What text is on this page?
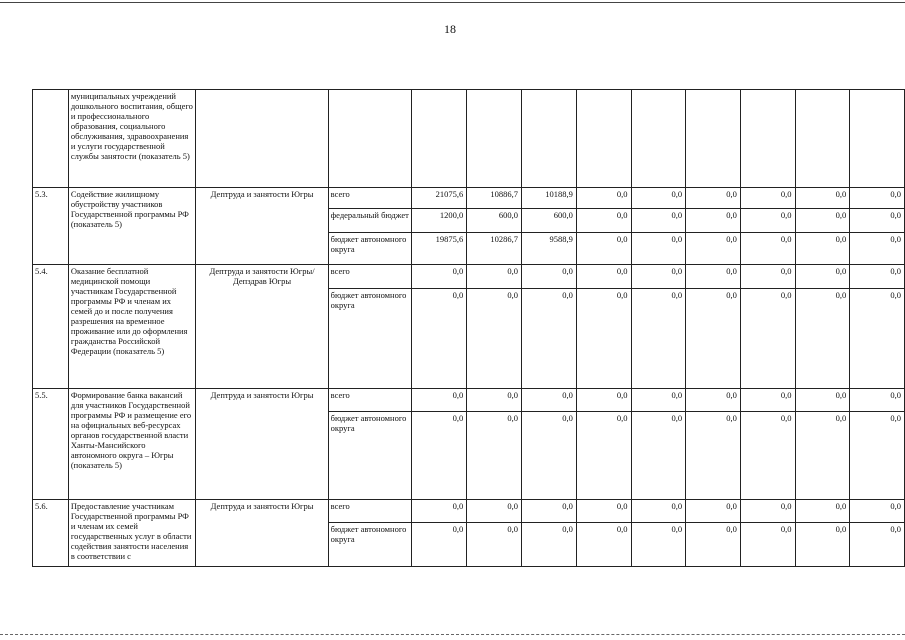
18
	муниципальных учреждений дошкольного воспитания, общего и профессионального образования, социального обслуживания, здравоохранения и услуги государственной службы занятости (показатель 5)											
5.3.	Содействие жилищному обустройству участников Государственной программы РФ (показатель 5)	Дептруда и занятости Югры	всего	21075,6	10886,7	10188,9	0,0	0,0	0,0	0,0	0,0	0,0
			федеральный бюджет	1200,0	600,0	600,0	0,0	0,0	0,0	0,0	0,0	0,0
			бюджет автономного округа	19875,6	10286,7	9588,9	0,0	0,0	0,0	0,0	0,0	0,0
5.4.	Оказание бесплатной медицинской помощи участникам Государственной программы РФ и членам их семей до и после получения разрешения на временное проживание или до оформления гражданства Российской Федерации (показатель 5)	Дептруда и занятости Югры/Депздрав Югры	всего	0,0	0,0	0,0	0,0	0,0	0,0	0,0	0,0	0,0
			бюджет автономного округа	0,0	0,0	0,0	0,0	0,0	0,0	0,0	0,0	0,0
5.5.	Формирование банка вакансий для участников Государственной программы РФ и размещение его на официальных веб-ресурсах органов государственной власти Ханты-Мансийского автономного округа – Югры (показатель 5)	Дептруда и занятости Югры	всего	0,0	0,0	0,0	0,0	0,0	0,0	0,0	0,0	0,0
			бюджет автономного округа	0,0	0,0	0,0	0,0	0,0	0,0	0,0	0,0	0,0
5.6.	Предоставление участникам Государственной программы РФ и членам их семей государственных услуг в области содействия занятости населения в соответствии с	Дептруда и занятости Югры	всего	0,0	0,0	0,0	0,0	0,0	0,0	0,0	0,0	0,0
			бюджет автономного округа	0,0	0,0	0,0	0,0	0,0	0,0	0,0	0,0	0,0
